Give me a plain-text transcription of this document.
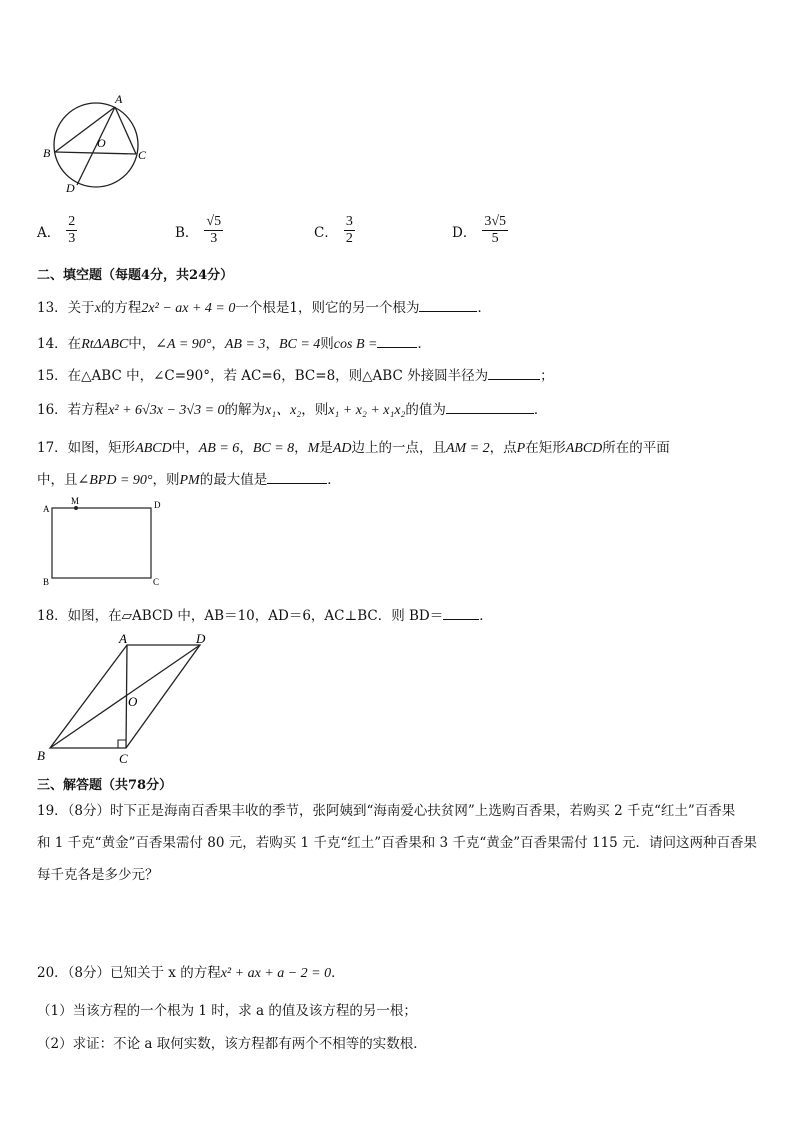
A
B
O
C
D
A． $\frac{2}{3}$	B． $\frac{√5}{3}$	C． $\frac{3}{2}$	D． $\frac{3√5}{5}$
二、填空题（每题4分，共24分）
13．关于x的方程2x² − ax + 4 = 0一个根是1，则它的另一个根为	．
14．在RtΔABC中，∠A = 90°，AB = 3，BC = 4则cos B =	．
15．在△ABC 中，∠C=90°，若 AC=6，BC=8，则△ABC 外接圆半径为	；
16．若方程x² + 6√3x − 3√3 = 0的解为x₁、x₂，则x₁ + x₂ + x₁x₂的值为	．
17．如图，矩形ABCD中，AB = 6，BC = 8，M是AD边上的一点，且AM = 2，点P在矩形ABCD所在的平面
中，且∠BPD = 90°，则PM的最大值是	．
A
M	D
B	C
18．如图，在▱ABCD 中，AB＝10，AD＝6，AC⊥BC．则 BD＝	．
A	D
O
B	C
三、解答题（共78分）
19．（8分）时下正是海南百香果丰收的季节，张阿姨到“海南爱心扶贫网”上选购百香果，若购买 2 千克“红土”百香果
和 1 千克“黄金”百香果需付 80 元，若购买 1 千克“红土”百香果和 3 千克“黄金”百香果需付 115 元．请问这两种百香果
每千克各是多少元？
20．（8分）已知关于 x 的方程x² + ax + a − 2 = 0．
（1）当该方程的一个根为 1 时，求 a 的值及该方程的另一根；
（2）求证：不论 a 取何实数，该方程都有两个不相等的实数根．
